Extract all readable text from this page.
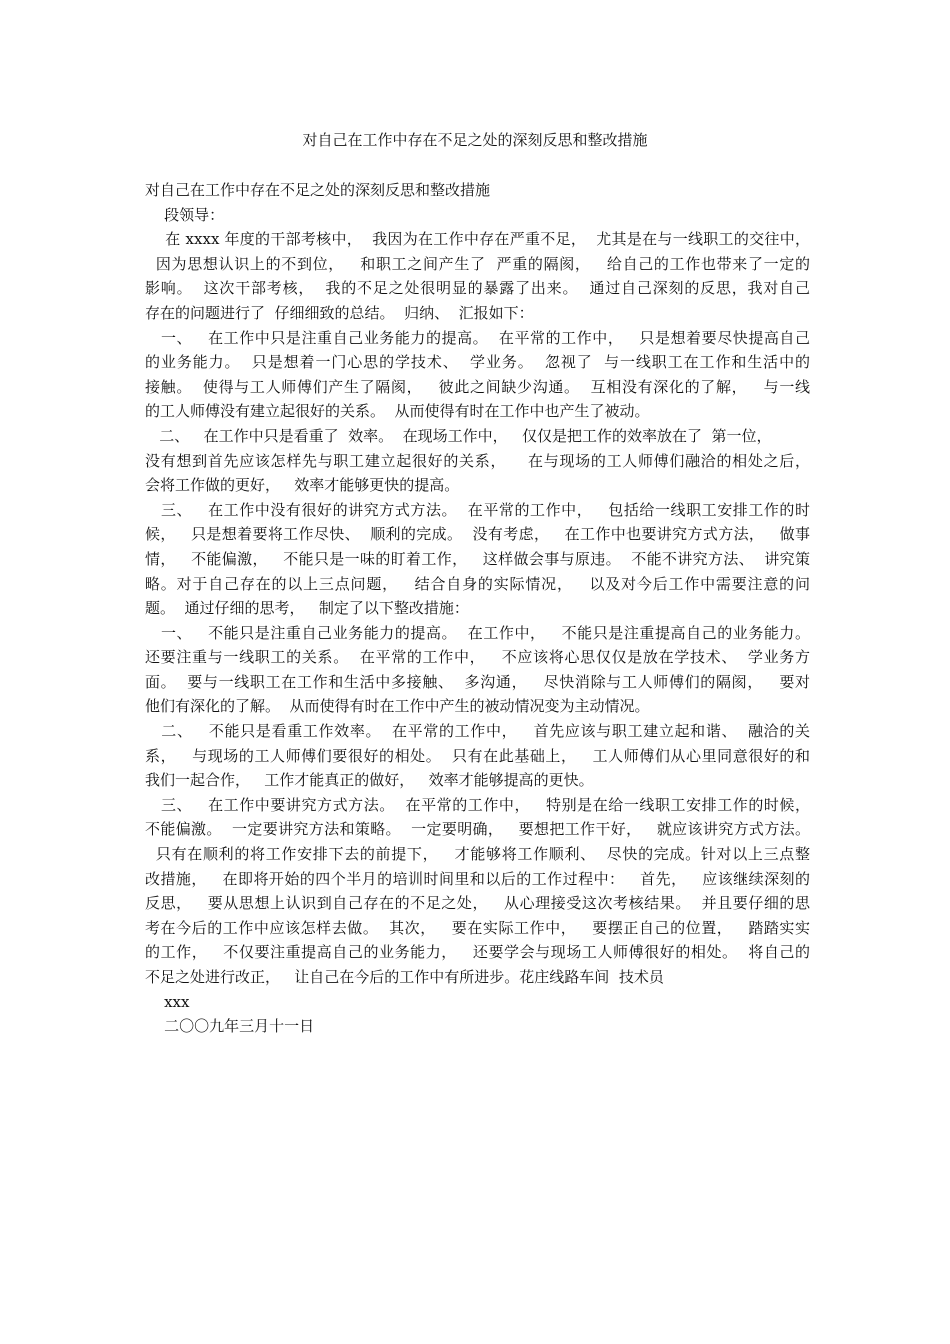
对自己在工作中存在不足之处的深刻反思和整改措施
对自己在工作中存在不足之处的深刻反思和整改措施
段领导：
在 xxxx 年度的干部考核中，  我因为在工作中存在严重不足，  尤其是在与一线职工的交往中，
因为思想认识上的不到位，   和职工之间产生了  严重的隔阂，   给自己的工作也带来了一定的
影响。  这次干部考核，  我的不足之处很明显的暴露了出来。  通过自己深刻的反思，我对自己
存在的问题进行了  仔细细致的总结。  归纳、  汇报如下：
一、   在工作中只是注重自己业务能力的提高。  在平常的工作中，   只是想着要尽快提高自己
的业务能力。  只是想着一门心思的学技术、  学业务。  忽视了  与一线职工在工作和生活中的
接触。  使得与工人师傅们产生了隔阂，   彼此之间缺少沟通。  互相没有深化的了解，   与一线
的工人师傅没有建立起很好的关系。  从而使得有时在工作中也产生了被动。
二、   在工作中只是看重了  效率。  在现场工作中，   仅仅是把工作的效率放在了  第一位，
没有想到首先应该怎样先与职工建立起很好的关系，    在与现场的工人师傅们融洽的相处之后，
会将工作做的更好，   效率才能够更快的提高。
三、   在工作中没有很好的讲究方式方法。  在平常的工作中，   包括给一线职工安排工作的时
候，   只是想着要将工作尽快、  顺利的完成。  没有考虑，   在工作中也要讲究方式方法，   做事
情，   不能偏激，   不能只是一味的盯着工作，   这样做会事与原违。  不能不讲究方法、  讲究策
略。对于自己存在的以上三点问题，   结合自身的实际情况，   以及对今后工作中需要注意的问
题。  通过仔细的思考，   制定了以下整改措施：
一、   不能只是注重自己业务能力的提高。  在工作中，   不能只是注重提高自己的业务能力。
还要注重与一线职工的关系。  在平常的工作中，   不应该将心思仅仅是放在学技术、  学业务方
面。  要与一线职工在工作和生活中多接触、  多沟通，   尽快消除与工人师傅们的隔阂，   要对
他们有深化的了解。  从而使得有时在工作中产生的被动情况变为主动情况。
二、   不能只是看重工作效率。  在平常的工作中，   首先应该与职工建立起和谐、  融洽的关
系，   与现场的工人师傅们要很好的相处。  只有在此基础上，   工人师傅们从心里同意很好的和
我们一起合作，   工作才能真正的做好，   效率才能够提高的更快。
三、   在工作中要讲究方式方法。  在平常的工作中，   特别是在给一线职工安排工作的时候，
不能偏激。  一定要讲究方法和策略。  一定要明确，   要想把工作干好，   就应该讲究方式方法。
只有在顺利的将工作安排下去的前提下，   才能够将工作顺利、  尽快的完成。针对以上三点整
改措施，   在即将开始的四个半月的培训时间里和以后的工作过程中：   首先，   应该继续深刻的
反思，   要从思想上认识到自己存在的不足之处，   从心理接受这次考核结果。  并且要仔细的思
考在今后的工作中应该怎样去做。  其次，   要在实际工作中，   要摆正自己的位置，   踏踏实实
的工作，   不仅要注重提高自己的业务能力，   还要学会与现场工人师傅很好的相处。  将自己的
不足之处进行改正，   让自己在今后的工作中有所进步。花庄线路车间  技术员
xxx
二〇〇九年三月十一日
